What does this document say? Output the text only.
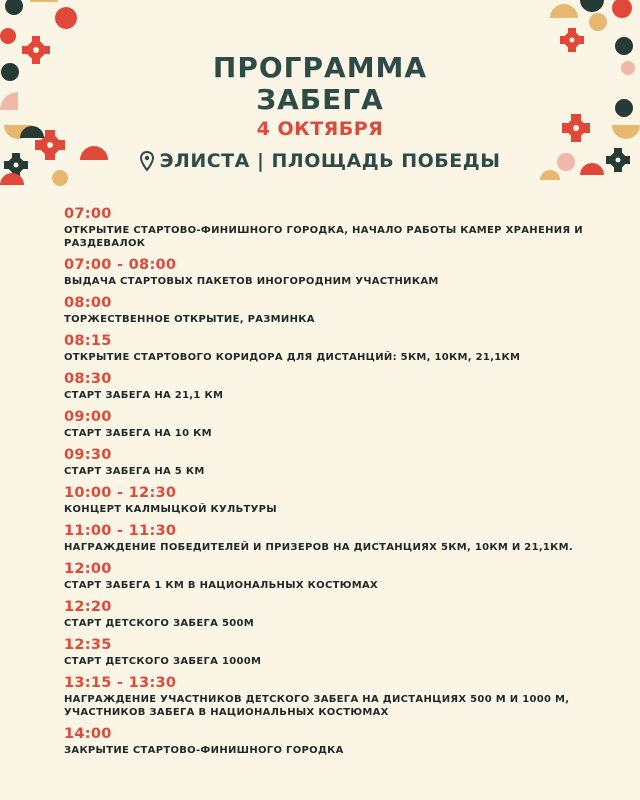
ПРОГРАММА
ЗАБЕГА
4 ОКТЯБРЯ
ЭЛИСТА | ПЛОЩАДЬ ПОБЕДЫ
07:00
ОТКРЫТИЕ СТАРТОВО-ФИНИШНОГО ГОРОДКА, НАЧАЛО РАБОТЫ КАМЕР ХРАНЕНИЯ И РАЗДЕВАЛОК
07:00 - 08:00
ВЫДАЧА СТАРТОВЫХ ПАКЕТОВ ИНОГОРОДНИМ УЧАСТНИКАМ
08:00
ТОРЖЕСТВЕННОЕ ОТКРЫТИЕ, РАЗМИНКА
08:15
ОТКРЫТИЕ СТАРТОВОГО КОРИДОРА ДЛЯ ДИСТАНЦИЙ: 5КМ, 10КМ, 21,1КМ
08:30
СТАРТ ЗАБЕГА НА 21,1 КМ
09:00
СТАРТ ЗАБЕГА НА 10 КМ
09:30
СТАРТ ЗАБЕГА НА 5 КМ
10:00 - 12:30
КОНЦЕРТ КАЛМЫЦКОЙ КУЛЬТУРЫ
11:00 - 11:30
НАГРАЖДЕНИЕ ПОБЕДИТЕЛЕЙ И ПРИЗЕРОВ НА ДИСТАНЦИЯХ 5КМ, 10КМ И 21,1КМ.
12:00
СТАРТ ЗАБЕГА 1 КМ В НАЦИОНАЛЬНЫХ КОСТЮМАХ
12:20
СТАРТ ДЕТСКОГО ЗАБЕГА 500М
12:35
СТАРТ ДЕТСКОГО ЗАБЕГА 1000М
13:15 - 13:30
НАГРАЖДЕНИЕ УЧАСТНИКОВ ДЕТСКОГО ЗАБЕГА НА ДИСТАНЦИЯХ 500 М И 1000 М, УЧАСТНИКОВ ЗАБЕГА В НАЦИОНАЛЬНЫХ КОСТЮМАХ
14:00
ЗАКРЫТИЕ СТАРТОВО-ФИНИШНОГО ГОРОДКА
